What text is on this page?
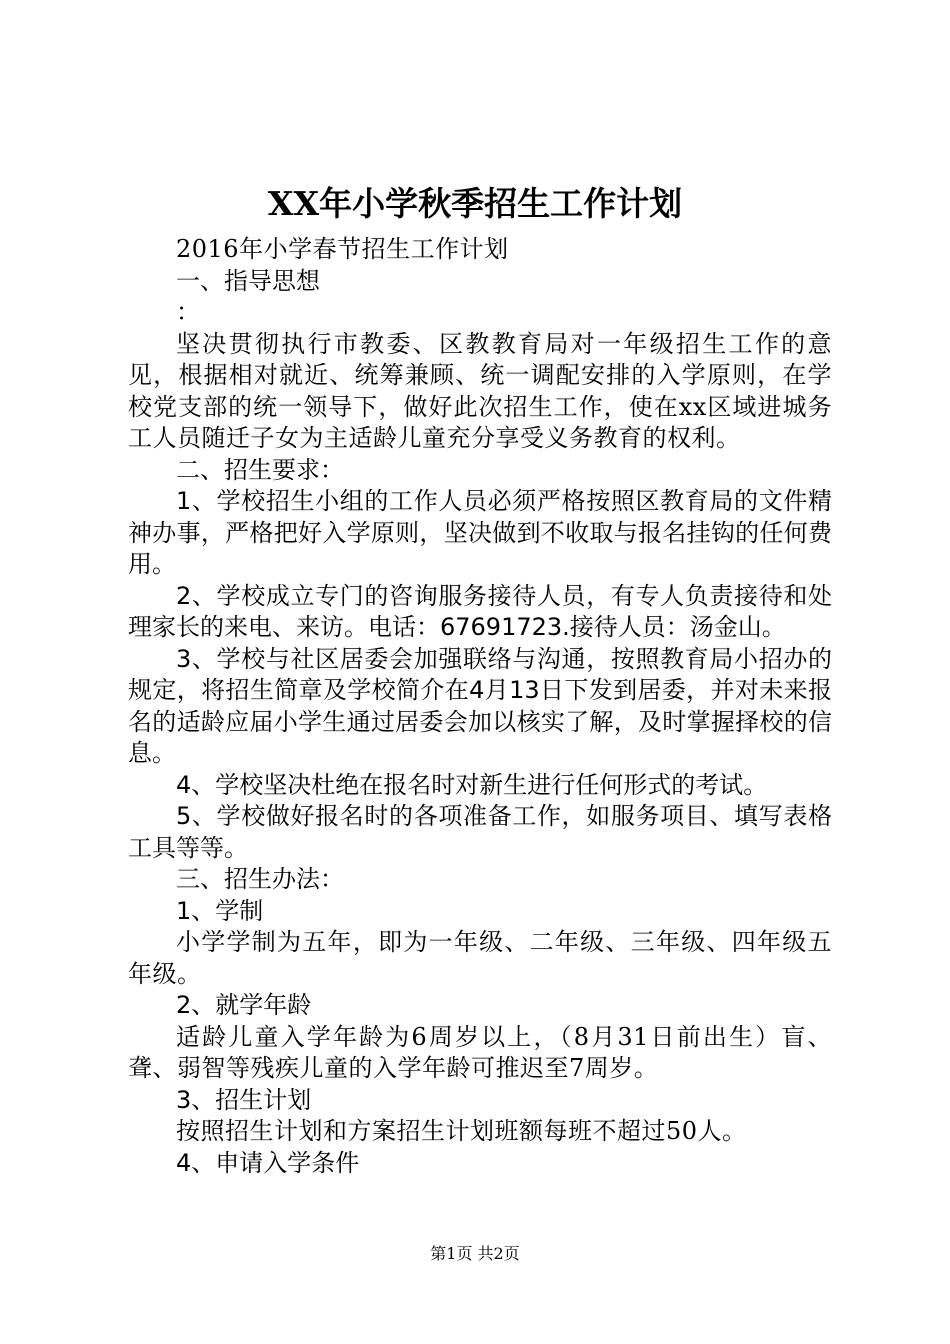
XX年小学秋季招生工作计划

2016年小学春节招生工作计划

一、指导思想

：

坚决贯彻执行市教委、区教教育局对一年级招生工作的意见，根据相对就近、统筹兼顾、统一调配安排的入学原则，在学校党支部的统一领导下，做好此次招生工作，使在xx区域进城务工人员随迁子女为主适龄儿童充分享受义务教育的权利。

二、招生要求：

1、学校招生小组的工作人员必须严格按照区教育局的文件精神办事，严格把好入学原则，坚决做到不收取与报名挂钩的任何费用。

2、学校成立专门的咨询服务接待人员，有专人负责接待和处理家长的来电、来访。电话：67691723.接待人员：汤金山。

3、学校与社区居委会加强联络与沟通，按照教育局小招办的规定，将招生简章及学校简介在4月13日下发到居委，并对未来报名的适龄应届小学生通过居委会加以核实了解，及时掌握择校的信息。

4、学校坚决杜绝在报名时对新生进行任何形式的考试。

5、学校做好报名时的各项准备工作，如服务项目、填写表格工具等等。

三、招生办法：

1、学制

小学学制为五年，即为一年级、二年级、三年级、四年级五年级。

2、就学年龄

适龄儿童入学年龄为6周岁以上，（8月31日前出生）盲、聋、弱智等残疾儿童的入学年龄可推迟至7周岁。

3、招生计划

按照招生计划和方案招生计划班额每班不超过50人。

4、申请入学条件

第1页 共2页
